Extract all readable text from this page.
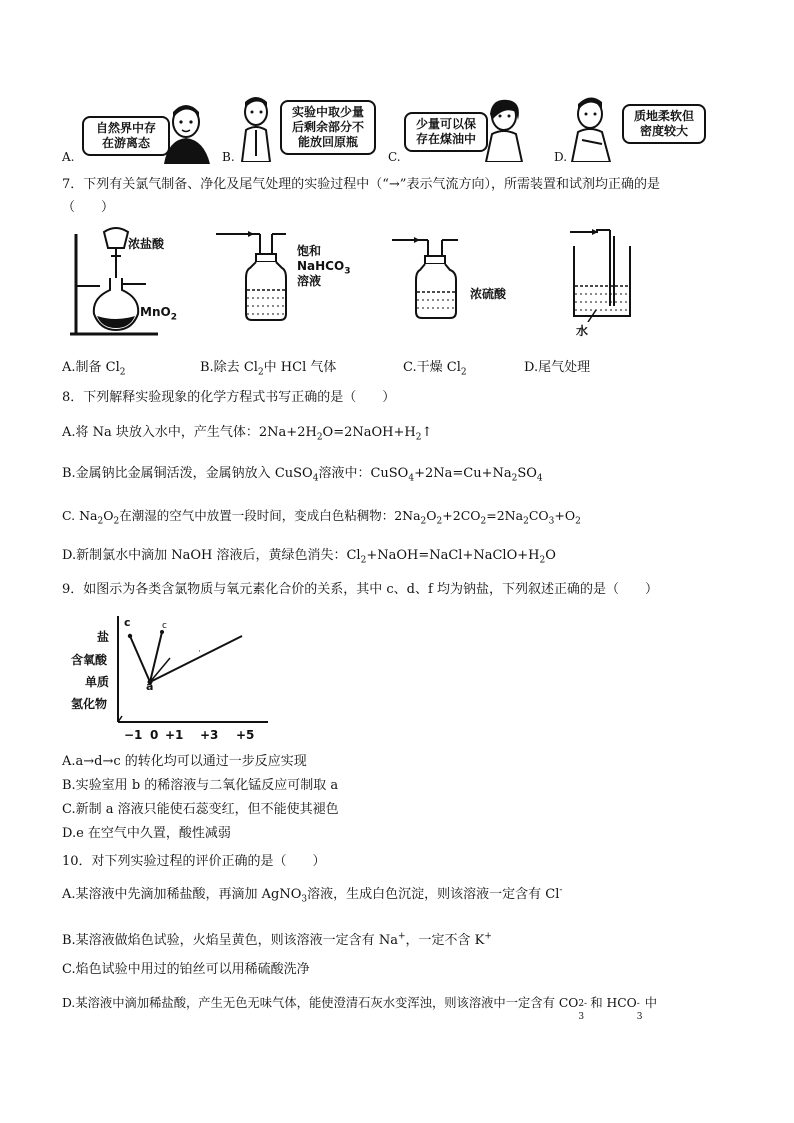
A.
自然界中存
在游离态
B.
实验中取少量
后剩余部分不
能放回原瓶
C.
少量可以保
存在煤油中
D.
质地柔软但
密度较大
7．下列有关氯气制备、净化及尾气处理的实验过程中（“→”表示气流方向），所需装置和试剂均正确的是
（　　）
浓盐酸
MnO$_2$
饱和
NaHCO$_3$
溶液
浓硫酸
水
A.制备 $Cl_2$	B.除去 $Cl_2$中 HCl 气体	C.干燥 $Cl_2$	D.尾气处理
8．下列解释实验现象的化学方程式书写正确的是（　　）
A.将 Na 块放入水中，产生气体：$2Na+2H_2O=2NaOH+H_2↑$
B.金属钠比金属铜活泼，金属钠放入 CuSO$_4$溶液中：$CuSO_4+2Na=Cu+Na_2SO_4$
C. $Na_2O_2$在潮湿的空气中放置一段时间，变成白色粘稠物：$2Na_2O_2+2CO_2=2Na_2CO_3+O_2$
D.新制氯水中滴加 NaOH 溶液后，黄绿色消失：$Cl_2+NaOH=NaCl+NaClO+H_2O$
9．如图示为各类含氯物质与氧元素化合价的关系，其中 c、d、f 均为钠盐，下列叙述正确的是（　　）
盐
含氧酸
单质
氢化物
c	c
·
a
−1 0 +1 +3 +5
A.a→d→c 的转化均可以通过一步反应实现
B.实验室用 b 的稀溶液与二氧化锰反应可制取 a
C.新制 a 溶液只能使石蕊变红，但不能使其褪色
D.e 在空气中久置，酸性减弱
10．对下列实验过程的评价正确的是（　　）
A.某溶液中先滴加稀盐酸，再滴加 AgNO$_3$溶液，生成白色沉淀，则该溶液一定含有 Cl-
B.某溶液做焰色试验，火焰呈黄色，则该溶液一定含有 Na+，一定不含 K+
C.焰色试验中用过的铂丝可以用稀硫酸洗净
D.某溶液中滴加稀盐酸，产生无色无味气体，能使澄清石灰水变浑浊，则该溶液中一定含有 CO 2-
3
和 HCO -
3
中
